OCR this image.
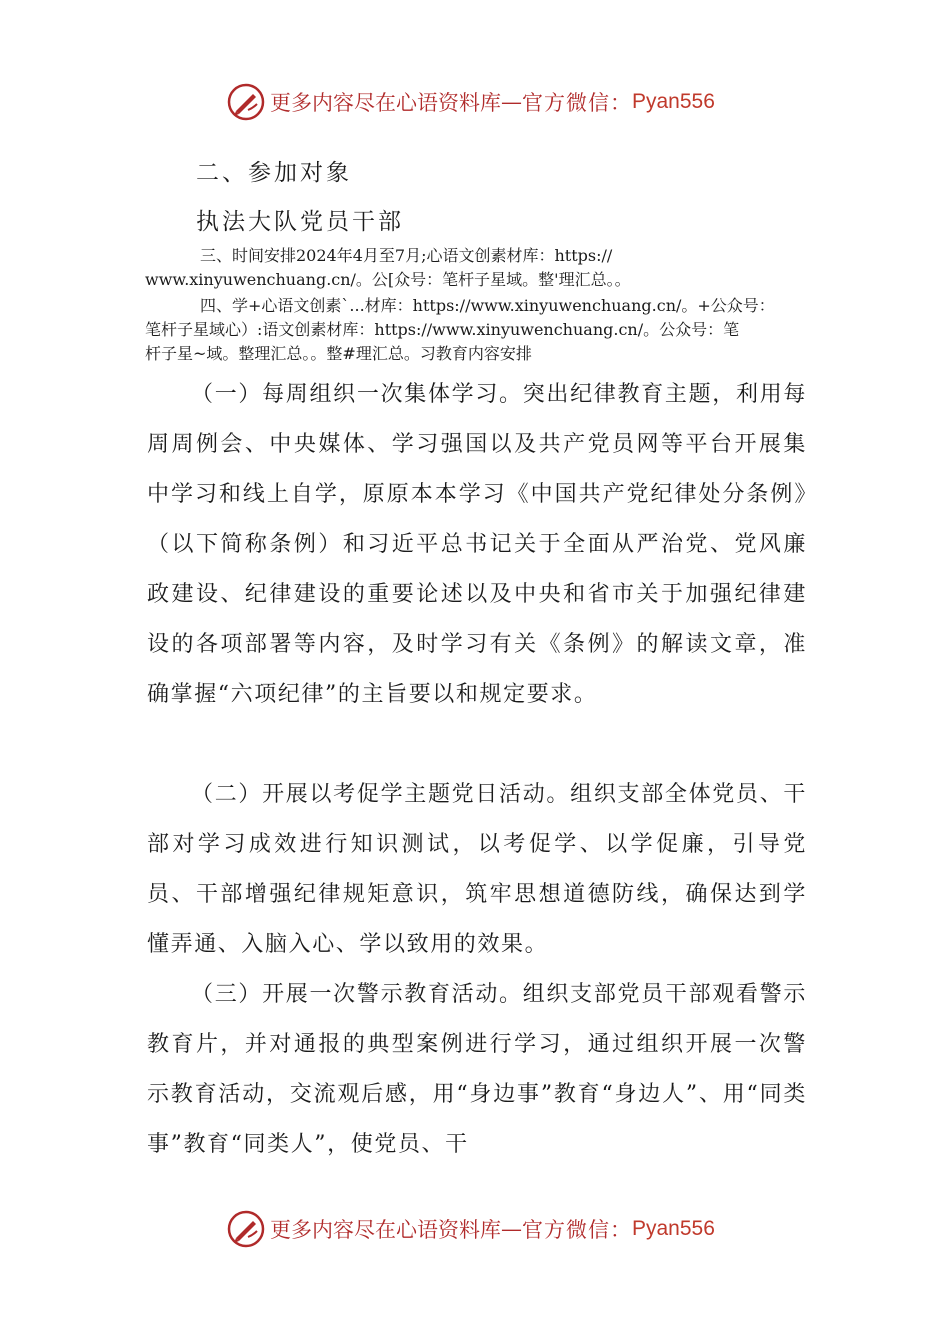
更多内容尽在心语资料库 — 官方微信： Pyan556
二、参加对象
执法大队党员干部
三、时间安排2024年4月至7月;心语文创素材库：https://
www.xinyuwenchuang.cn/。公[众号：笔杆子星域。整'理汇总。。
四、学+心语文创素`...材库：https://www.xinyuwenchuang.cn/。+公众号：
笔杆子星域心）:语文创素材库：https://www.xinyuwenchuang.cn/。公众号：笔
杆子星~域。整理汇总。。整#理汇总。习教育内容安排

（一）每周组织一次集体学习。突出纪律教育主题，利用每周周例会、中央媒体、学习强国以及共产党员网等平台开展集中学习和线上自学，原原本本学习《中国共产党纪律处分条例》（以下简称条例）和习近平总书记关于全面从严治党、党风廉政建设、纪律建设的重要论述以及中央和省市关于加强纪律建设的各项部署等内容，及时学习有关《条例》的解读文章，准确掌握“六项纪律”的主旨要以和规定要求。

（二）开展以考促学主题党日活动。组织支部全体党员、干部对学习成效进行知识测试，以考促学、以学促廉，引导党员、干部增强纪律规矩意识，筑牢思想道德防线，确保达到学懂弄通、入脑入心、学以致用的效果。

（三）开展一次警示教育活动。组织支部党员干部观看警示教育片，并对通报的典型案例进行学习，通过组织开展一次警示教育活动，交流观后感，用“身边事”教育“身边人”、用“同类事”教育“同类人”，使党员、干

更多内容尽在心语资料库 — 官方微信： Pyan556
